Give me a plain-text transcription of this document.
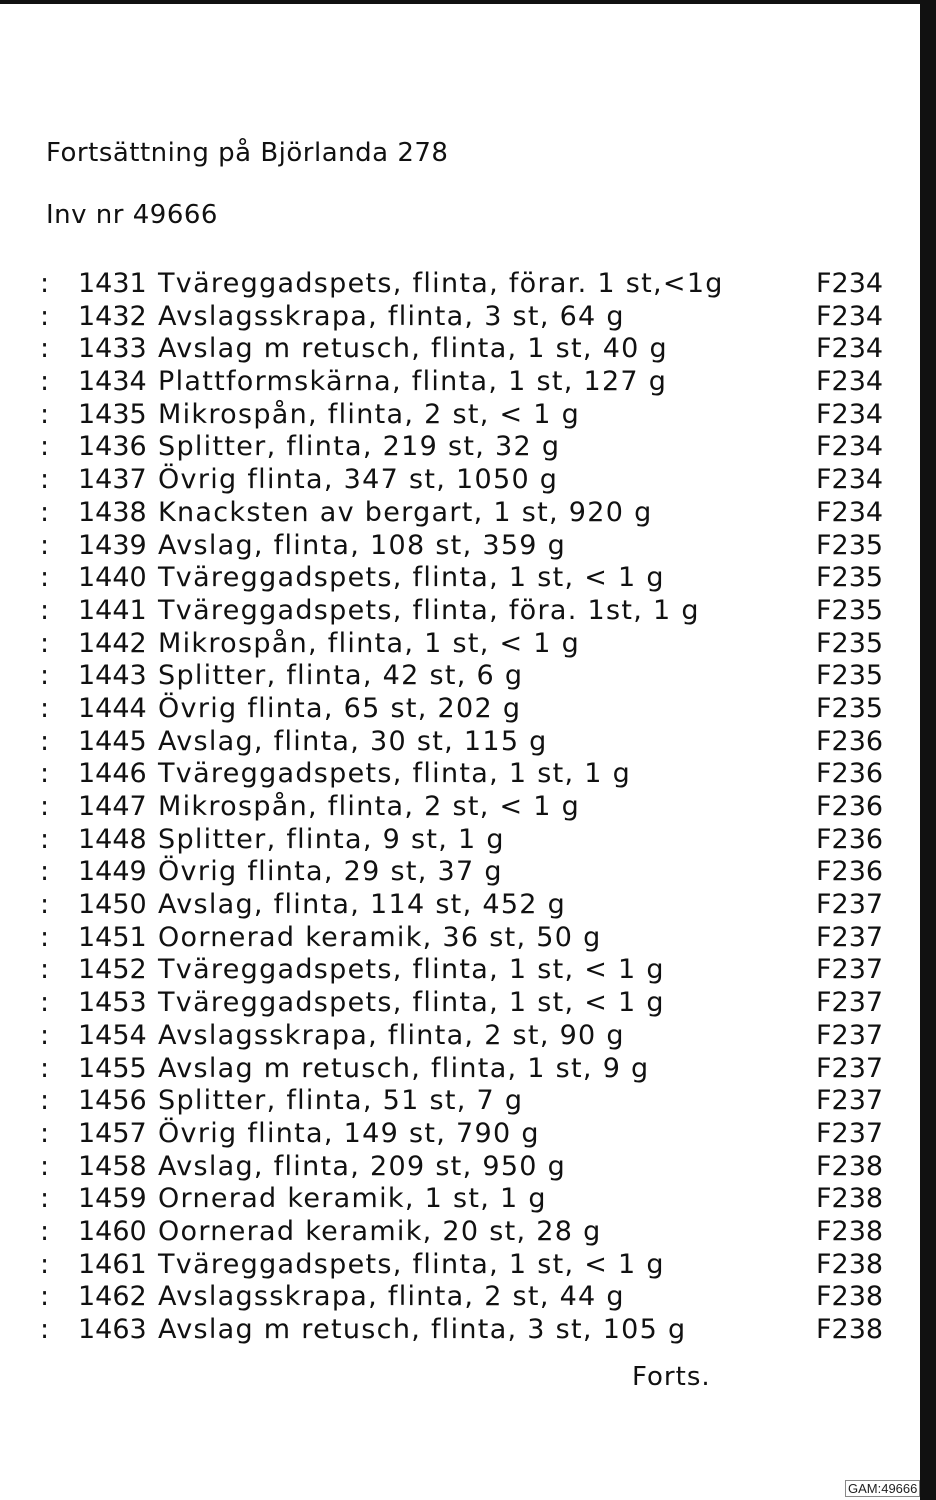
Fortsättning på Björlanda 278
Inv nr 49666
: 1431 Tväreggadspets, flinta, förar. 1 st,<1g	F234
: 1432 Avslagsskrapa, flinta, 3 st, 64 g	F234
: 1433 Avslag m retusch, flinta, 1 st, 40 g	F234
: 1434 Plattformskärna, flinta, 1 st, 127 g	F234
: 1435 Mikrospån, flinta, 2 st, < 1 g	F234
: 1436 Splitter, flinta, 219 st, 32 g	F234
: 1437 Övrig flinta, 347 st, 1050 g	F234
: 1438 Knacksten av bergart, 1 st, 920 g	F234
: 1439 Avslag, flinta, 108 st, 359 g	F235
: 1440 Tväreggadspets, flinta, 1 st, < 1 g	F235
: 1441 Tväreggadspets, flinta, föra. 1st, 1 g	F235
: 1442 Mikrospån, flinta, 1 st, < 1 g	F235
: 1443 Splitter, flinta, 42 st, 6 g	F235
: 1444 Övrig flinta, 65 st, 202 g	F235
: 1445 Avslag, flinta, 30 st, 115 g	F236
: 1446 Tväreggadspets, flinta, 1 st, 1 g	F236
: 1447 Mikrospån, flinta, 2 st, < 1 g	F236
: 1448 Splitter, flinta, 9 st, 1 g	F236
: 1449 Övrig flinta, 29 st, 37 g	F236
: 1450 Avslag, flinta, 114 st, 452 g	F237
: 1451 Oornerad keramik, 36 st, 50 g	F237
: 1452 Tväreggadspets, flinta, 1 st, < 1 g	F237
: 1453 Tväreggadspets, flinta, 1 st, < 1 g	F237
: 1454 Avslagsskrapa, flinta, 2 st, 90 g	F237
: 1455 Avslag m retusch, flinta, 1 st, 9 g	F237
: 1456 Splitter, flinta, 51 st, 7 g	F237
: 1457 Övrig flinta, 149 st, 790 g	F237
: 1458 Avslag, flinta, 209 st, 950 g	F238
: 1459 Ornerad keramik, 1 st, 1 g	F238
: 1460 Oornerad keramik, 20 st, 28 g	F238
: 1461 Tväreggadspets, flinta, 1 st, < 1 g	F238
: 1462 Avslagsskrapa, flinta, 2 st, 44 g	F238
: 1463 Avslag m retusch, flinta, 3 st, 105 g	F238
Forts.
GAM:49666
